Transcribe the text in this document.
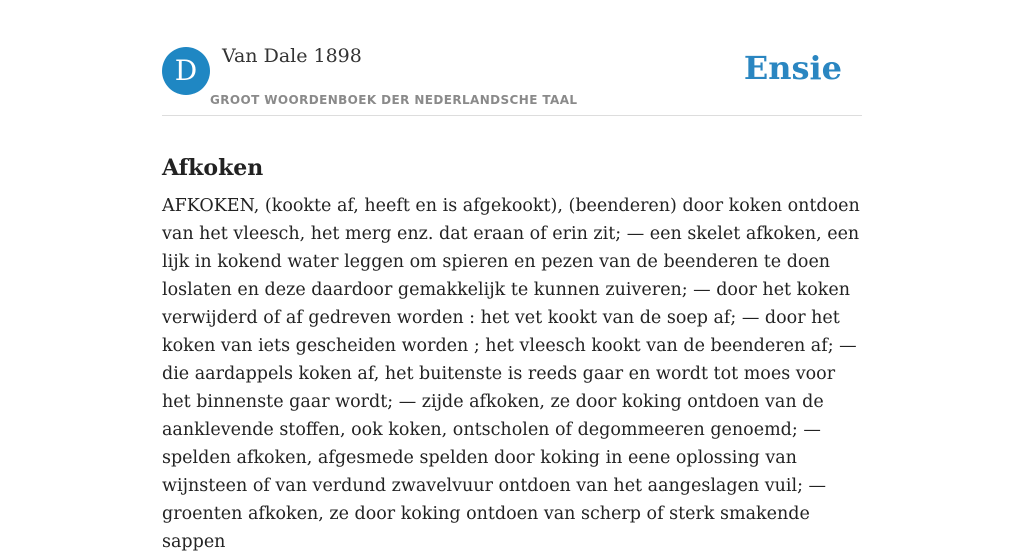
D	Van Dale 1898
GROOT WOORDENBOEK DER NEDERLANDSCHE TAAL
Ensie
Afkoken

AFKOKEN, (kookte af, heeft en is afgekookt), (beenderen) door koken ontdoen van het vleesch, het merg enz. dat eraan of erin zit; — een skelet afkoken, een lijk in kokend water leggen om spieren en pezen van de beenderen te doen loslaten en deze daardoor gemakkelijk te kunnen zuiveren; — door het koken verwijderd of af gedreven worden : het vet kookt van de soep af; — door het koken van iets gescheiden worden ; het vleesch kookt van de beenderen af; — die aardappels koken af, het buitenste is reeds gaar en wordt tot moes voor het binnenste gaar wordt; — zijde afkoken, ze door koking ontdoen van de aanklevende stoffen, ook koken, ontscholen of degommeeren genoemd; — spelden afkoken, afgesmede spelden door koking in eene oplossing van wijnsteen of van verdund zwavelvuur ontdoen van het aangeslagen vuil; — groenten afkoken, ze door koking ontdoen van scherp of sterk smakende sappen
